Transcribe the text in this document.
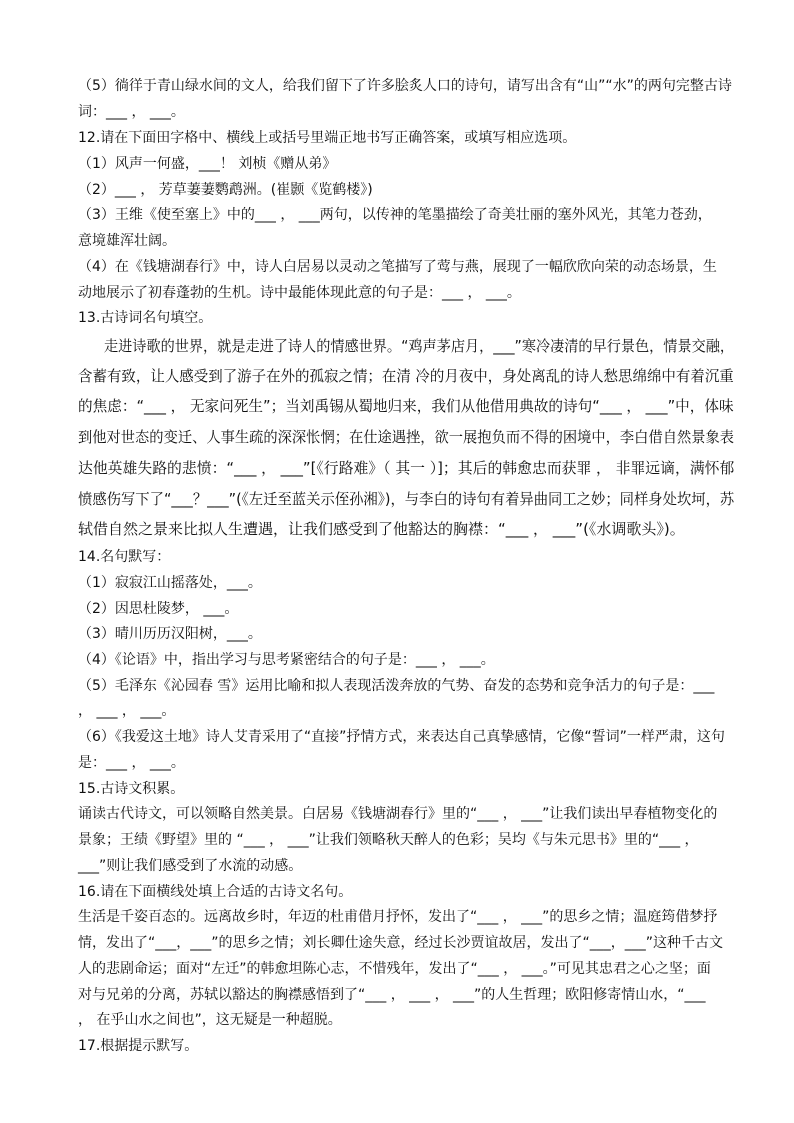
（5）徜徉于青山绿水间的文人，给我们留下了许多脍炙人口的诗句，请写出含有“山”“水”的两句完整古诗
词：___ ， ___。
12.请在下面田字格中、横线上或括号里端正地书写正确答案，或填写相应选项。
（1）风声一何盛，___！ 刘桢《赠从弟》
（2）___ ， 芳草萋萋鹦鹉洲。(崔颢《览鹤楼》)
（3）王维《使至塞上》中的___ ， ___两句，以传神的笔墨描绘了奇美壮丽的塞外风光，其笔力苍劲，
意境雄浑壮阔。
（4）在《钱塘湖春行》中，诗人白居易以灵动之笔描写了莺与燕，展现了一幅欣欣向荣的动态场景，生
动地展示了初春蓬勃的生机。诗中最能体现此意的句子是：___ ， ___。
13.古诗词名句填空。
走进诗歌的世界，就是走进了诗人的情感世界。“鸡声茅店月，___”寒冷凄清的早行景色，情景交融，
含蓄有致，让人感受到了游子在外的孤寂之情；在清 冷的月夜中，身处离乱的诗人愁思绵绵中有着沉重
的焦虑：“___ ， 无家问死生”；当刘禹锡从蜀地归来，我们从他借用典故的诗句“___ ， ___”中，体味
到他对世态的变迁、人事生疏的深深怅惘；在仕途遇挫，欲一展抱负而不得的困境中，李白借自然景象表
达他英雄失路的悲愤：“___ ， ___”[《行路难》（ 其一 ）]；其后的韩愈忠而获罪 ， 非罪远谪，满怀郁
愤感伤写下了“___？___”(《左迁至蓝关示侄孙湘》)，与李白的诗句有着异曲同工之妙；同样身处坎坷，苏
轼借自然之景来比拟人生遭遇，让我们感受到了他豁达的胸襟：“___ ， ___”(《水调歌头》)。
14.名句默写：
（1）寂寂江山摇落处，___。
（2）因思杜陵梦， ___。
（3）晴川历历汉阳树，___。
（4）《论语》中，指出学习与思考紧密结合的句子是：___ ， ___。
（5）毛泽东《沁园春 雪》运用比喻和拟人表现活泼奔放的气势、奋发的态势和竞争活力的句子是：___
， ___ ， ___。
（6）《我爱这土地》诗人艾青采用了“直接”抒情方式，来表达自己真挚感情，它像“誓词”一样严肃，这句
是：___ ， ___。
15.古诗文积累。
诵读古代诗文，可以领略自然美景。白居易《钱塘湖春行》里的“___ ， ___”让我们读出早春植物变化的
景象；王绩《野望》里的 “___ ， ___”让我们领略秋天醉人的色彩；吴均《与朱元思书》里的“___ ，
___”则让我们感受到了水流的动感。
16.请在下面横线处填上合适的古诗文名句。
生活是千姿百态的。远离故乡时，年迈的杜甫借月抒怀，发出了“___ ， ___”的思乡之情；温庭筠借梦抒
情，发出了“___，___”的思乡之情；刘长卿仕途失意，经过长沙贾谊故居，发出了“___，___”这种千古文
人的悲剧命运；面对“左迁”的韩愈坦陈心志，不惜残年，发出了“___ ， ___。”可见其忠君之心之坚；面
对与兄弟的分离，苏轼以豁达的胸襟感悟到了“___ ， ___ ， ___”的人生哲理；欧阳修寄情山水，“___
， 在乎山水之间也”，这无疑是一种超脱。
17.根据提示默写。
